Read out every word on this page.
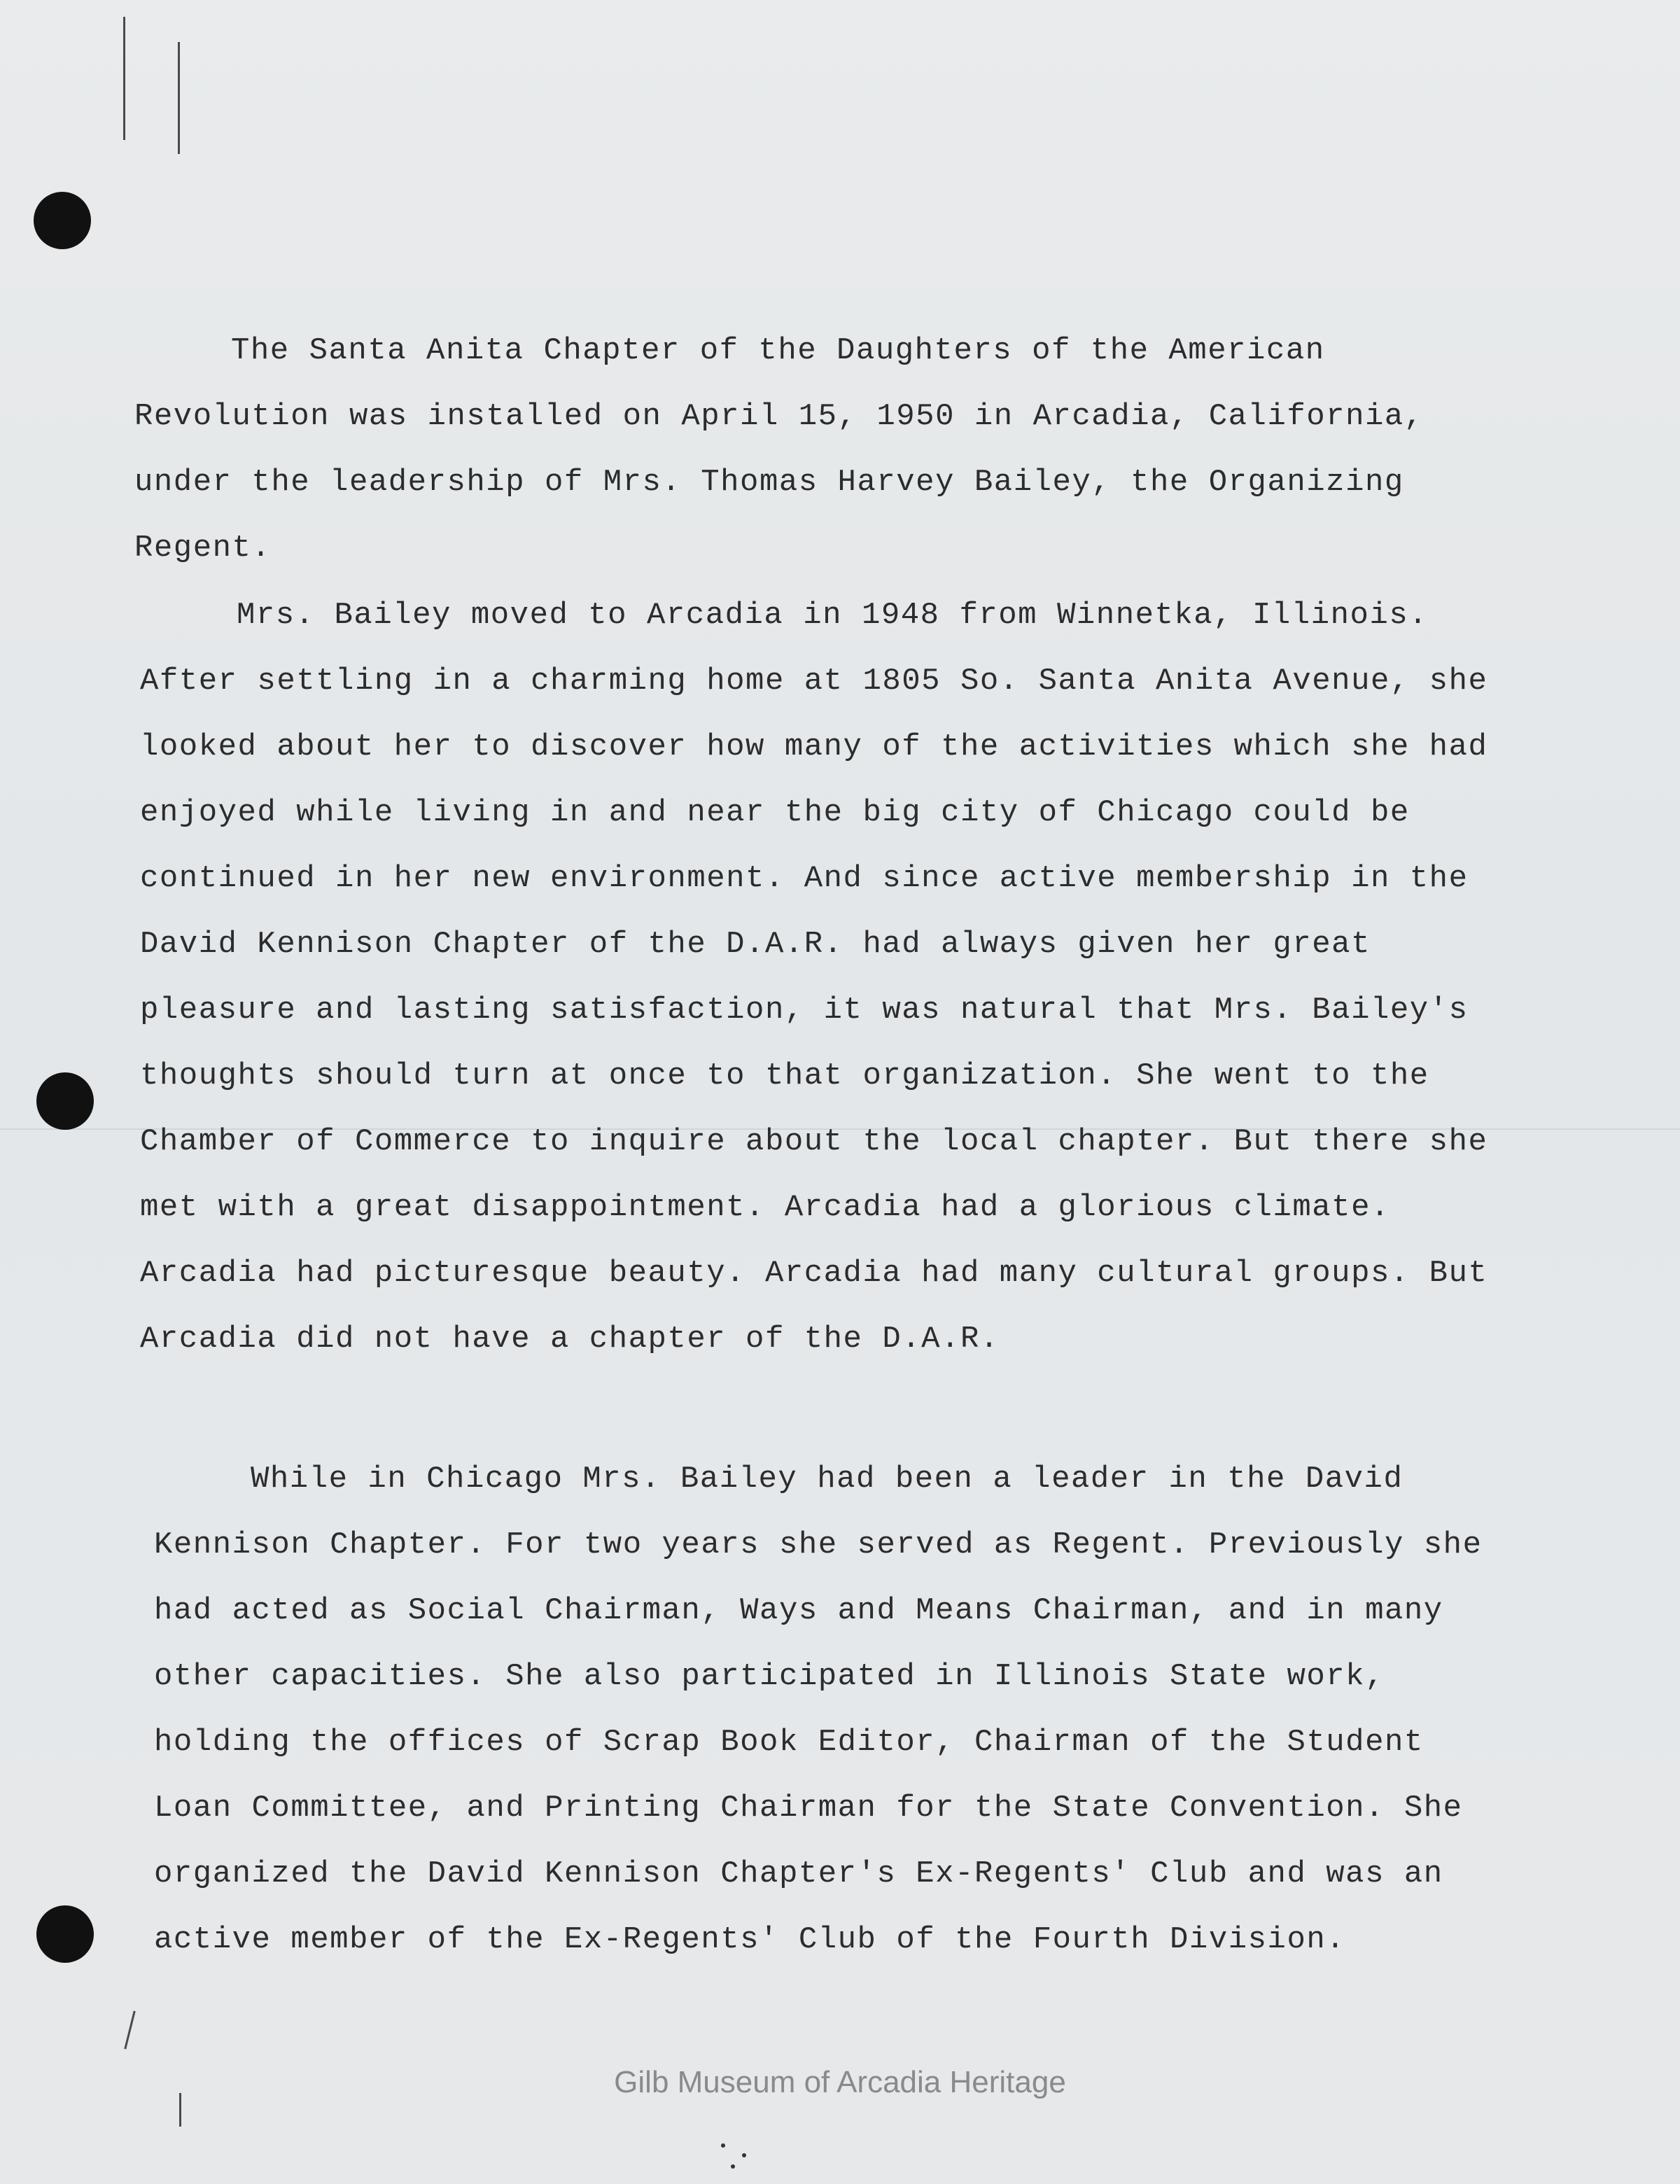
The Santa Anita Chapter of the Daughters of the American Revolution was installed on April 15, 1950 in Arcadia, California, under the leadership of Mrs. Thomas Harvey Bailey, the Organizing Regent.

Mrs. Bailey moved to Arcadia in 1948 from Winnetka, Illinois. After settling in a charming home at 1805 So. Santa Anita Avenue, she looked about her to discover how many of the activities which she had enjoyed while living in and near the big city of Chicago could be continued in her new environment. And since active membership in the David Kennison Chapter of the D.A.R. had always given her great pleasure and lasting satisfaction, it was natural that Mrs. Bailey's thoughts should turn at once to that organization. She went to the Chamber of Commerce to inquire about the local chapter. But there she met with a great disappointment. Arcadia had a glorious climate. Arcadia had picturesque beauty. Arcadia had many cultural groups. But Arcadia did not have a chapter of the D.A.R.

While in Chicago Mrs. Bailey had been a leader in the David Kennison Chapter. For two years she served as Regent. Previously she had acted as Social Chairman, Ways and Means Chairman, and in many other capacities. She also participated in Illinois State work, holding the offices of Scrap Book Editor, Chairman of the Student Loan Committee, and Printing Chairman for the State Convention. She organized the David Kennison Chapter's Ex-Regents' Club and was an active member of the Ex-Regents' Club of the Fourth Division.

Gilb Museum of Arcadia Heritage
